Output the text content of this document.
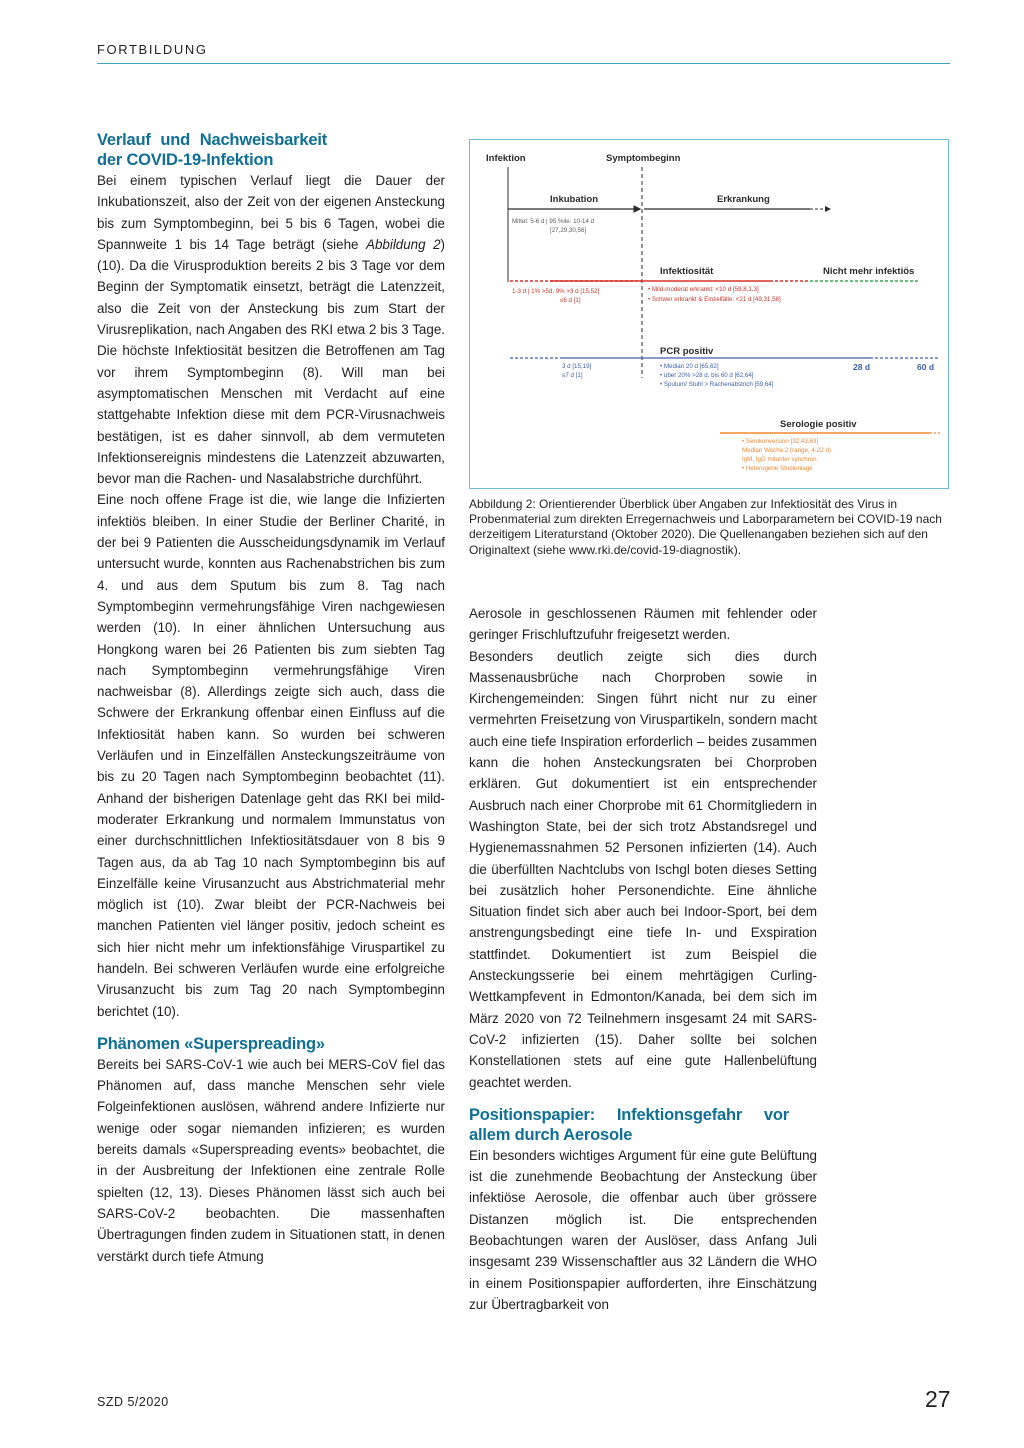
FORTBILDUNG
Verlauf und Nachweisbarkeit der COVID-19-Infektion

Bei einem typischen Verlauf liegt die Dauer der Inkubationszeit, also der Zeit von der eigenen Ansteckung bis zum Symptombeginn, bei 5 bis 6 Tagen, wobei die Spannweite 1 bis 14 Tage beträgt (siehe Abbildung 2) (10). Da die Virusproduktion bereits 2 bis 3 Tage vor dem Beginn der Symptomatik einsetzt, beträgt die Latenzzeit, also die Zeit von der Ansteckung bis zum Start der Virusreplikation, nach Angaben des RKI etwa 2 bis 3 Tage. Die höchste Infektiosität besitzen die Betroffenen am Tag vor ihrem Symptombeginn (8). Will man bei asymptomatischen Menschen mit Verdacht auf eine stattgehabte Infektion diese mit dem PCR-Virusnachweis bestätigen, ist es daher sinnvoll, ab dem vermuteten Infektionsereignis mindestens die Latenzzeit abzuwarten, bevor man die Rachen- und Nasalabstriche durchführt.

Eine noch offene Frage ist die, wie lange die Infizierten infektiös bleiben. In einer Studie der Berliner Charité, in der bei 9 Patienten die Ausscheidungsdynamik im Verlauf untersucht wurde, konnten aus Rachenabstrichen bis zum 4. und aus dem Sputum bis zum 8. Tag nach Symptombeginn vermehrungsfähige Viren nachgewiesen werden (10). In einer ähnlichen Untersuchung aus Hongkong waren bei 26 Patienten bis zum siebten Tag nach Symptombeginn vermehrungsfähige Viren nachweisbar (8). Allerdings zeigte sich auch, dass die Schwere der Erkrankung offenbar einen Einfluss auf die Infektiosität haben kann. So wurden bei schweren Verläufen und in Einzelfällen Ansteckungszeiträume von bis zu 20 Tagen nach Symptombeginn beobachtet (11). Anhand der bisherigen Datenlage geht das RKI bei mild-moderater Erkrankung und normalem Immunstatus von einer durchschnittlichen Infektiositätsdauer von 8 bis 9 Tagen aus, da ab Tag 10 nach Symptombeginn bis auf Einzelfälle keine Virusanzucht aus Abstrichmaterial mehr möglich ist (10). Zwar bleibt der PCR-Nachweis bei manchen Patienten viel länger positiv, jedoch scheint es sich hier nicht mehr um infektionsfähige Viruspartikel zu handeln. Bei schweren Verläufen wurde eine erfolgreiche Virusanzucht bis zum Tag 20 nach Symptombeginn berichtet (10).

Phänomen «Superspreading»

Bereits bei SARS-CoV-1 wie auch bei MERS-CoV fiel das Phänomen auf, dass manche Menschen sehr viele Folgeinfektionen auslösen, während andere Infizierte nur wenige oder sogar niemanden infizieren; es wurden bereits damals «Superspreading events» beobachtet, die in der Ausbreitung der Infektionen eine zentrale Rolle spielten (12, 13). Dieses Phänomen lässt sich auch bei SARS-CoV-2 beobachten. Die massenhaften Übertragungen finden zudem in Situationen statt, in denen verstärkt durch tiefe Atmung

Infektion	Symptombeginn
Inkubation	Erkrankung
Mittel: 5-6 d | 95.%ile: 10-14 d
[27,29,30,56]
Infektiosität	Nicht mehr infektiös
1-3 d | 1% >5d, 9% >3 d [15,52]
≤6 d [1]
• Mild-moderat erkrankt: <10 d [59,8,1,3]
• Schwer erkrankt & Einzelfälle: <21 d [49,31,58]
PCR positiv
3 d [15,19]
≤7 d [1]
• Median 20 d [65,62]
• über 20% >28 d, bis 60 d [62,64]
• Sputum/ Stuhl > Rachenabstrich [59,64]
28 d	60 d
Serologie positiv
• Serokonversion [32,43,63]
Median Woche 2 (range, 4-22 d)
IgM, IgG mitunter synchron
• Heterogene Studienlage
Abbildung 2: Orientierender Überblick über Angaben zur Infektiosität des Virus in Probenmaterial zum direkten Erregernachweis und Laborparametern bei COVID-19 nach derzeitigem Literaturstand (Oktober 2020). Die Quellenangaben beziehen sich auf den Originaltext (siehe www.rki.de/covid-19-diagnostik).

Aerosole in geschlossenen Räumen mit fehlender oder geringer Frischluftzufuhr freigesetzt werden.

Besonders deutlich zeigte sich dies durch Massenausbrüche nach Chorproben sowie in Kirchengemeinden: Singen führt nicht nur zu einer vermehrten Freisetzung von Viruspartikeln, sondern macht auch eine tiefe Inspiration erforderlich – beides zusammen kann die hohen Ansteckungsraten bei Chorproben erklären. Gut dokumentiert ist ein entsprechender Ausbruch nach einer Chorprobe mit 61 Chormitgliedern in Washington State, bei der sich trotz Abstandsregel und Hygienemassnahmen 52 Personen infizierten (14). Auch die überfüllten Nachtclubs von Ischgl boten dieses Setting bei zusätzlich hoher Personendichte. Eine ähnliche Situation findet sich aber auch bei Indoor-Sport, bei dem anstrengungsbedingt eine tiefe In- und Exspiration stattfindet. Dokumentiert ist zum Beispiel die Ansteckungsserie bei einem mehrtägigen Curling-Wettkampfevent in Edmonton/Kanada, bei dem sich im März 2020 von 72 Teilnehmern insgesamt 24 mit SARS-CoV-2 infizierten (15). Daher sollte bei solchen Konstellationen stets auf eine gute Hallenbelüftung geachtet werden.

Positionspapier: Infektionsgefahr vor allem durch Aerosole

Ein besonders wichtiges Argument für eine gute Belüftung ist die zunehmende Beobachtung der Ansteckung über infektiöse Aerosole, die offenbar auch über grössere Distanzen möglich ist. Die entsprechenden Beobachtungen waren der Auslöser, dass Anfang Juli insgesamt 239 Wissenschaftler aus 32 Ländern die WHO in einem Positionspapier aufforderten, ihre Einschätzung zur Übertragbarkeit von

SZD 5/2020	27
